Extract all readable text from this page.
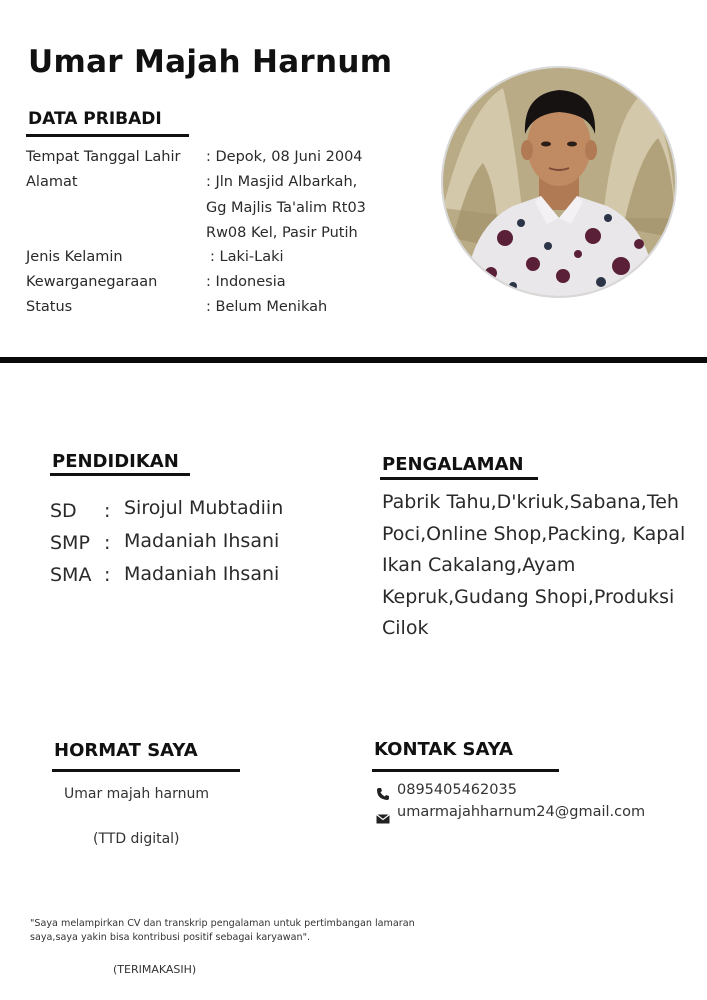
Umar Majah Harnum
DATA PRIBADI
Tempat Tanggal Lahir : Depok, 08 Juni 2004
Alamat	: Jln Masjid Albarkah,
Gg Majlis Ta'alim Rt03
Rw08 Kel, Pasir Putih
Jenis Kelamin	: Laki-Laki
Kewarganegaraan	: Indonesia
Status	: Belum Menikah
PENDIDIKAN
SD : Sirojul Mubtadiin
SMP : Madaniah Ihsani
SMA : Madaniah Ihsani
PENGALAMAN

Pabrik Tahu,D'kriuk,Sabana,Teh Poci,Online Shop,Packing, Kapal Ikan Cakalang,Ayam Kepruk,Gudang Shopi,Produksi Cilok

HORMAT SAYA
Umar majah harnum
(TTD digital)
KONTAK SAYA
0895405462035
umarmajahharnum24@gmail.com

"Saya melampirkan CV dan transkrip pengalaman untuk pertimbangan lamaran saya,saya yakin bisa kontribusi positif sebagai karyawan".

(TERIMAKASIH)
